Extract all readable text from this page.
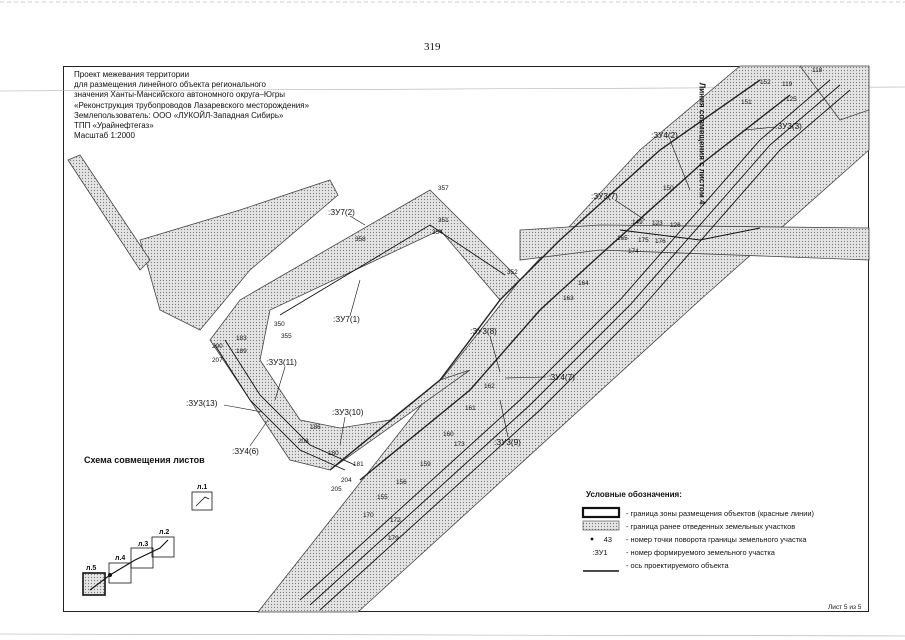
319
118
152 119
151	125
150
149 123 126
165 175 176
174
164
163
357
351
354
358
352
350
355
183
189
200
207
162
161
160
173
159
156
155
170
172
179
186
203
180
181
204
205
:ЗУ4(2)
:ЗУ3(3)
:ЗУ3(7)
:ЗУ7(2)
:ЗУ7(1)
:ЗУ3(8)
:ЗУ4(7)
:ЗУ3(11)
:ЗУ3(13)
:ЗУ3(10)
:ЗУ4(6)
:ЗУ3(9)
л.1
л.2
л.3
л.4
л.5
Проект межевания территории
для размещения линейного объекта регионального
значения Ханты-Мансийского автономного округа–Югры
«Реконструкция трубопроводов Лазаревского месторождения»
Землепользователь: ООО «ЛУКОЙЛ-Западная Сибирь»
ТПП «Урайнефтегаз»
Масштаб 1:2000	Линия совмещения с листом 4
Схема совмещения листов
Условные обозначения:
- граница зоны размещения объектов (красные линии)
- граница ранее отведенных земельных участков
43	- номер точки поворота границы земельного участка
:ЗУ1	- номер формируемого земельного участка
- ось проектируемого объекта
Лист 5 из 5
